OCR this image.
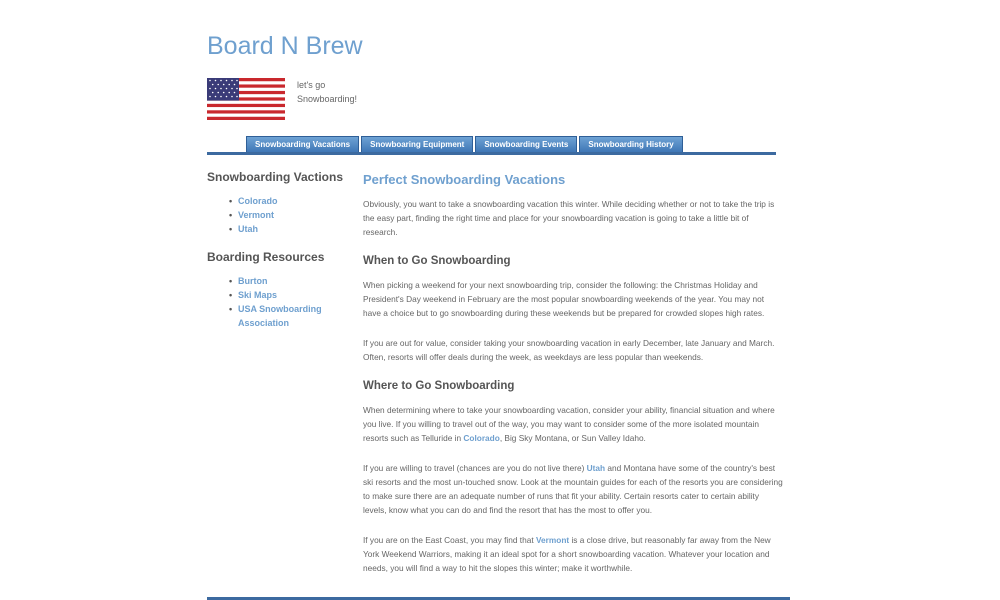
Board N Brew
let's go
Snowboarding!
Snowboarding Vacations	Snowboaring Equipment	Snowboarding Events	Snowboarding History
Snowboarding Vactions
• Colorado
• Vermont
• Utah
Boarding Resources
• Burton
• Ski Maps
• USA Snowboarding
Association
Perfect Snowboarding Vacations

Obviously, you want to take a snowboarding vacation this winter. While deciding whether or not to take the trip is the easy part, finding the right time and place for your snowboarding vacation is going to take a little bit of research.

When to Go Snowboarding

When picking a weekend for your next snowboarding trip, consider the following: the Christmas Holiday and President's Day weekend in February are the most popular snowboarding weekends of the year. You may not have a choice but to go snowboarding during these weekends but be prepared for crowded slopes high rates.

If you are out for value, consider taking your snowboarding vacation in early December, late January and March. Often, resorts will offer deals during the week, as weekdays are less popular than weekends.

Where to Go Snowboarding

When determining where to take your snowboarding vacation, consider your ability, financial situation and where you live. If you willing to travel out of the way, you may want to consider some of the more isolated mountain resorts such as Telluride in Colorado, Big Sky Montana, or Sun Valley Idaho.

If you are willing to travel (chances are you do not live there) Utah and Montana have some of the country's best ski resorts and the most un-touched snow. Look at the mountain guides for each of the resorts you are considering to make sure there are an adequate number of runs that fit your ability. Certain resorts cater to certain ability levels, know what you can do and find the resort that has the most to offer you.

If you are on the East Coast, you may find that Vermont is a close drive, but reasonably far away from the New York Weekend Warriors, making it an ideal spot for a short snowboarding vacation. Whatever your location and needs, you will find a way to hit the slopes this winter; make it worthwhile.
